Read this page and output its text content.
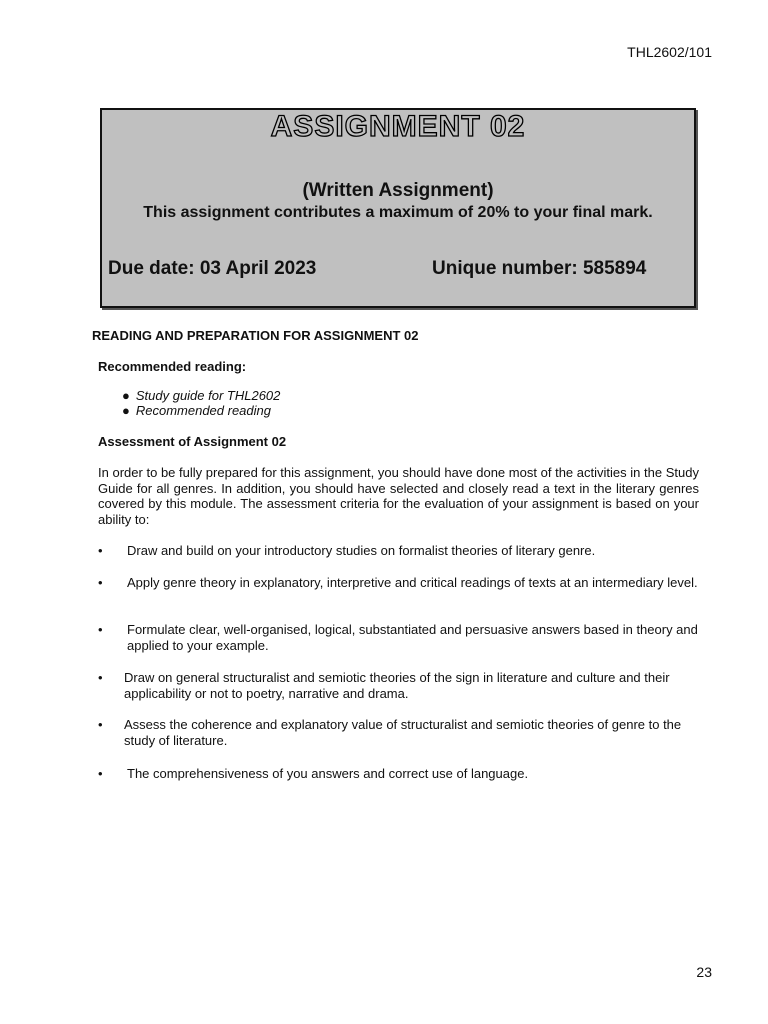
THL2602/101
ASSIGNMENT 02
(Written Assignment)
This assignment contributes a maximum of 20% to your final mark.
Due date: 03 April 2023	Unique number: 585894
READING AND PREPARATION FOR ASSIGNMENT 02
Recommended reading:
● Study guide for THL2602
● Recommended reading
Assessment of Assignment 02

In order to be fully prepared for this assignment, you should have done most of the activities in the Study Guide for all genres. In addition, you should have selected and closely read a text in the literary genres covered by this module. The assessment criteria for the evaluation of your assignment is based on your ability to:

• Draw and build on your introductory studies on formalist theories of literary genre.
• Apply genre theory in explanatory, interpretive and critical readings of texts at an intermediary level.
• Formulate clear, well-organised, logical, substantiated and persuasive answers based in theory and applied to your example.
• Draw on general structuralist and semiotic theories of the sign in literature and culture and their applicability or not to poetry, narrative and drama.
• Assess the coherence and explanatory value of structuralist and semiotic theories of genre to the study of literature.
• The comprehensiveness of you answers and correct use of language.
23
